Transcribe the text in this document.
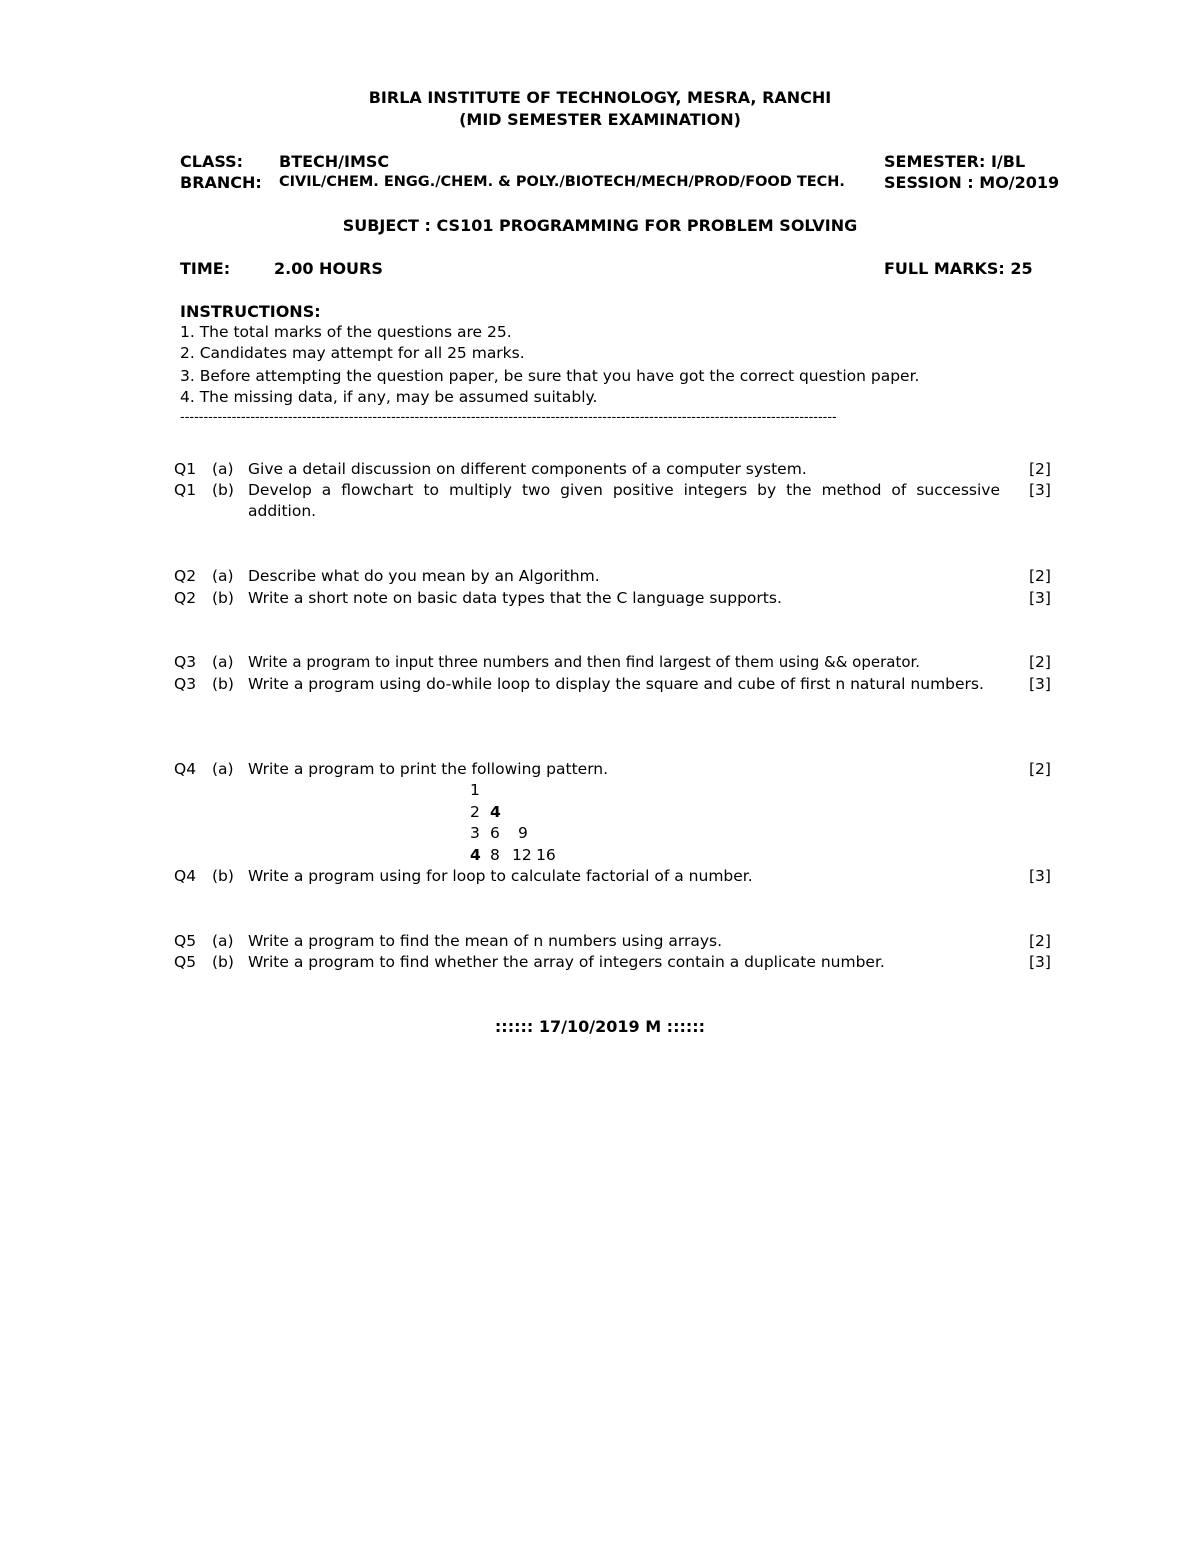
BIRLA INSTITUTE OF TECHNOLOGY, MESRA, RANCHI
(MID SEMESTER EXAMINATION)
CLASS: BTECH/IMSC	SEMESTER: I/BL
BRANCH: CIVIL/CHEM. ENGG./CHEM. & POLY./BIOTECH/MECH/PROD/FOOD TECH. SESSION : MO/2019
SUBJECT : CS101 PROGRAMMING FOR PROBLEM SOLVING
TIME:	2.00 HOURS	FULL MARKS: 25
INSTRUCTIONS:
1. The total marks of the questions are 25.
2. Candidates may attempt for all 25 marks.
3. Before attempting the question paper, be sure that you have got the correct question paper.
4. The missing data, if any, may be assumed suitably.
--------------------------------------------------------------------------------------------------------------------------------------------
Q1 (a) Give a detail discussion on different components of a computer system.	[2]
Q1 (b) Develop a flowchart to multiply two given positive integers by the method of successive addition.
[3]
Q2 (a) Describe what do you mean by an Algorithm.	[2]
Q2 (b) Write a short note on basic data types that the C language supports.	[3]
Q3 (a) Write a program to input three numbers and then find largest of them using && operator.	[2]
Q3 (b) Write a program using do-while loop to display the square and cube of first n natural numbers.	[3]
Q4 (a) Write a program to print the following pattern.	[2]
1
2 4
3 6 9
4 8 12 16
Q4 (b) Write a program using for loop to calculate factorial of a number.	[3]
Q5 (a) Write a program to find the mean of n numbers using arrays.	[2]
Q5 (b) Write a program to find whether the array of integers contain a duplicate number.	[3]
:::::: 17/10/2019 M ::::::
